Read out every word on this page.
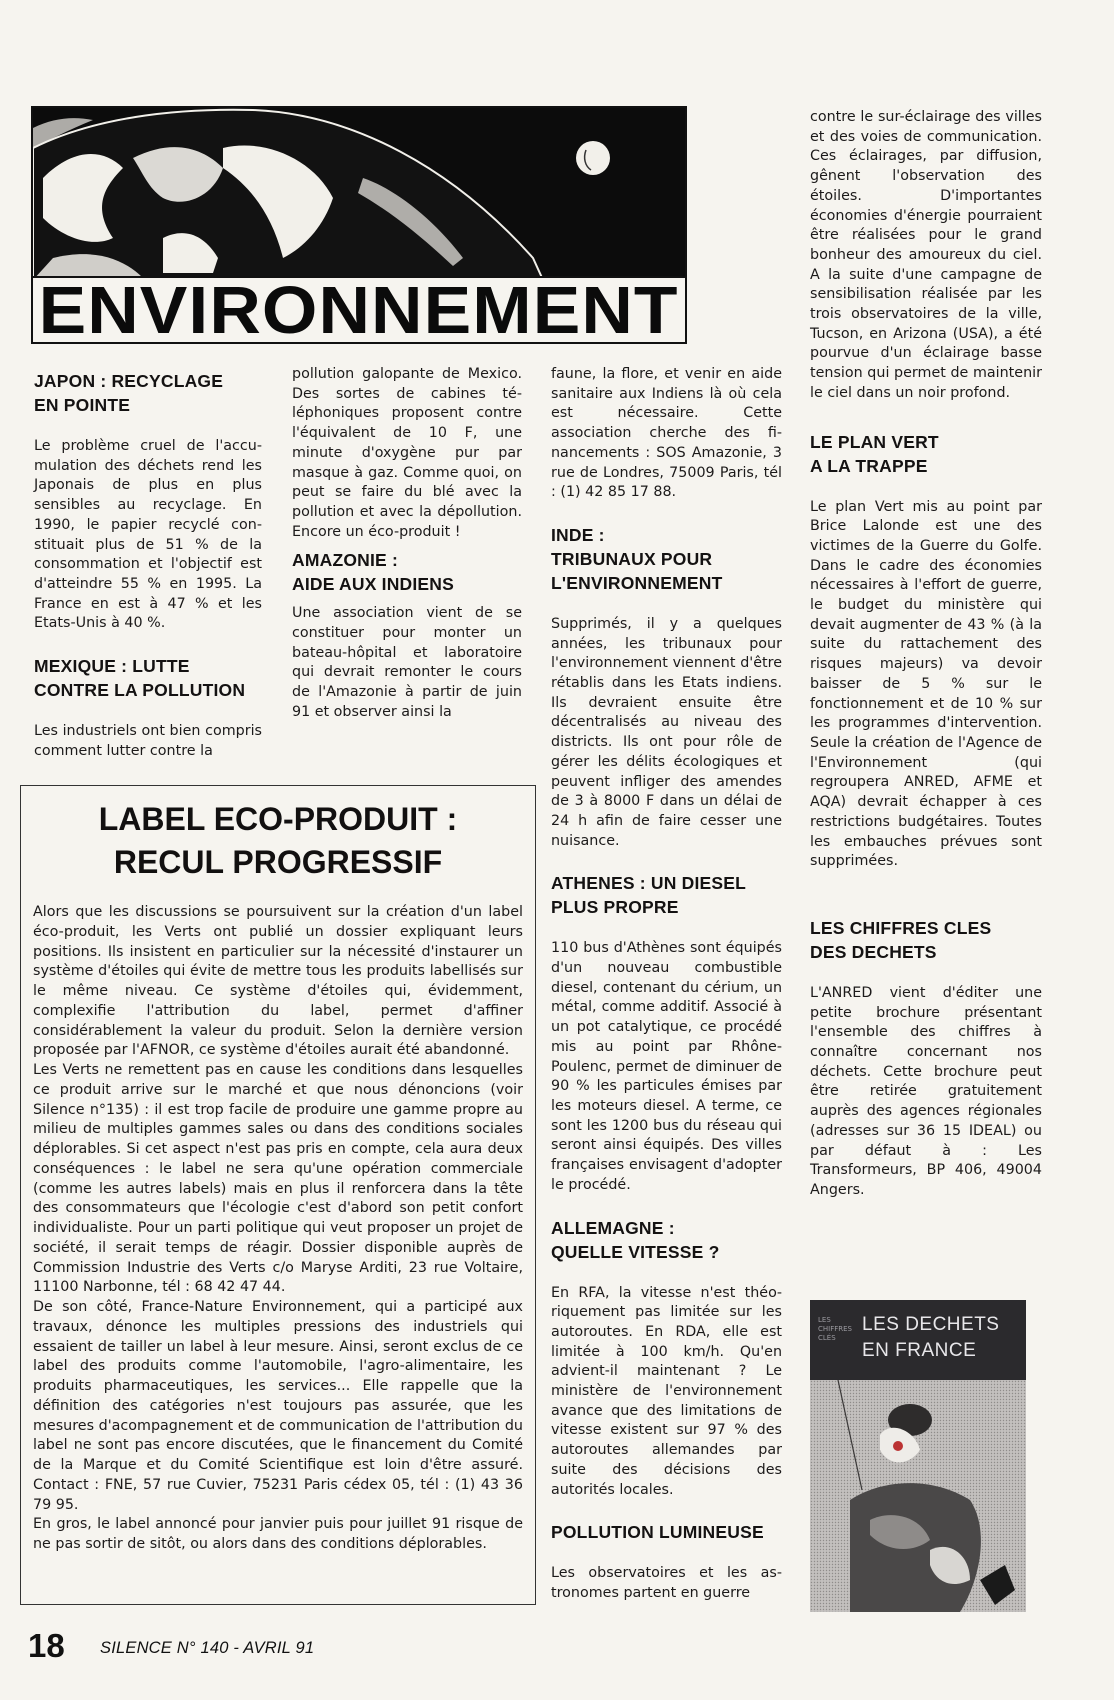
ENVIRONNEMENT
JAPON : RECYCLAGE
EN POINTE

Le problème cruel de l'accumulation des déchets rend les Japonais de plus en plus sensibles au recyclage. En 1990, le papier recyclé constituait plus de 51 % de la consommation et l'objectif est d'atteindre 55 % en 1995. La France en est à 47 % et les Etats-Unis à 40 %.

MEXIQUE : LUTTE
CONTRE LA POLLUTION

Les industriels ont bien compris comment lutter contre la

pollution galopante de Mexico. Des sortes de cabines téléphoniques proposent contre l'équivalent de 10 F, une minute d'oxygène pur par masque à gaz. Comme quoi, on peut se faire du blé avec la pollution et avec la dépollution. Encore un éco-produit !

AMAZONIE :
AIDE AUX INDIENS

Une association vient de se constituer pour monter un bateau-hôpital et laboratoire qui devrait remonter le cours de l'Amazonie à partir de juin 91 et observer ainsi la

faune, la flore, et venir en aide sanitaire aux Indiens là où cela est nécessaire. Cette association cherche des financements : SOS Amazonie, 3 rue de Londres, 75009 Paris, tél : (1) 42 85 17 88.

INDE :
TRIBUNAUX POUR
L'ENVIRONNEMENT

Supprimés, il y a quelques années, les tribunaux pour l'environnement viennent d'être rétablis dans les Etats indiens. Ils devraient ensuite être décentralisés au niveau des districts. Ils ont pour rôle de gérer les délits écologiques et peuvent infliger des amendes de 3 à 8000 F dans un délai de 24 h afin de faire cesser une nuisance.

ATHENES : UN DIESEL
PLUS PROPRE

110 bus d'Athènes sont équipés d'un nouveau combustible diesel, contenant du cérium, un métal, comme additif. Associé à un pot catalytique, ce procédé mis au point par Rhône-Poulenc, permet de diminuer de 90 % les particules émises par les moteurs diesel. A terme, ce sont les 1200 bus du réseau qui seront ainsi équipés. Des villes françaises envisagent d'adopter le procédé.

ALLEMAGNE :
QUELLE VITESSE ?

En RFA, la vitesse n'est théoriquement pas limitée sur les autoroutes. En RDA, elle est limitée à 100 km/h. Qu'en advient-il maintenant ? Le ministère de l'environnement avance que des limitations de vitesse existent sur 97 % des autoroutes allemandes par suite des décisions des autorités locales.

POLLUTION LUMINEUSE

Les observatoires et les astronomes partent en guerre

contre le sur-éclairage des villes et des voies de communication. Ces éclairages, par diffusion, gênent l'observation des étoiles. D'importantes économies d'énergie pourraient être réalisées pour le grand bonheur des amoureux du ciel. A la suite d'une campagne de sensibilisation réalisée par les trois observatoires de la ville, Tucson, en Arizona (USA), a été pourvue d'un éclairage basse tension qui permet de maintenir le ciel dans un noir profond.

LE PLAN VERT
A LA TRAPPE

Le plan Vert mis au point par Brice Lalonde est une des victimes de la Guerre du Golfe. Dans le cadre des économies nécessaires à l'effort de guerre, le budget du ministère qui devait augmenter de 43 % (à la suite du rattachement des risques majeurs) va devoir baisser de 5 % sur le fonctionnement et de 10 % sur les programmes d'intervention. Seule la création de l'Agence de l'Environnement (qui regroupera ANRED, AFME et AQA) devrait échapper à ces restrictions budgétaires. Toutes les embauches prévues sont supprimées.

LES CHIFFRES CLES
DES DECHETS

L'ANRED vient d'éditer une petite brochure présentant l'ensemble des chiffres à connaître concernant nos déchets. Cette brochure peut être retirée gratuitement auprès des agences régionales (adresses sur 36 15 IDEAL) ou par défaut à : Les Transformeurs, BP 406, 49004 Angers.

LABEL ECO-PRODUIT :
RECUL PROGRESSIF

Alors que les discussions se poursuivent sur la création d'un label éco-produit, les Verts ont publié un dossier expliquant leurs positions. Ils insistent en particulier sur la nécessité d'instaurer un système d'étoiles qui évite de mettre tous les produits labellisés sur le même niveau. Ce système d'étoiles qui, évidemment, complexifie l'attribution du label, permet d'affiner considérablement la valeur du produit. Selon la dernière version proposée par l'AFNOR, ce système d'étoiles aurait été abandonné.

Les Verts ne remettent pas en cause les conditions dans lesquelles ce produit arrive sur le marché et que nous dénoncions (voir Silence n°135) : il est trop facile de produire une gamme propre au milieu de multiples gammes sales ou dans des conditions sociales déplorables. Si cet aspect n'est pas pris en compte, cela aura deux conséquences : le label ne sera qu'une opération commerciale (comme les autres labels) mais en plus il renforcera dans la tête des consommateurs que l'écologie c'est d'abord son petit confort individualiste. Pour un parti politique qui veut proposer un projet de société, il serait temps de réagir. Dossier disponible auprès de Commission Industrie des Verts c/o Maryse Arditi, 23 rue Voltaire, 11100 Narbonne, tél : 68 42 47 44.

De son côté, France-Nature Environnement, qui a participé aux travaux, dénonce les multiples pressions des industriels qui essaient de tailler un label à leur mesure. Ainsi, seront exclus de ce label des produits comme l'automobile, l'agro-alimentaire, les produits pharmaceutiques, les services... Elle rappelle que la définition des catégories n'est toujours pas assurée, que les mesures d'acompagnement et de communication de l'attribution du label ne sont pas encore discutées, que le financement du Comité de la Marque et du Comité Scientifique est loin d'être assuré. Contact : FNE, 57 rue Cuvier, 75231 Paris cédex 05, tél : (1) 43 36 79 95.

En gros, le label annoncé pour janvier puis pour juillet 91 risque de ne pas sortir de sitôt, ou alors dans des conditions déplorables.

LES CHIFFRES CLÉS
LES DECHETS
EN FRANCE
18 SILENCE N° 140 - AVRIL 91
